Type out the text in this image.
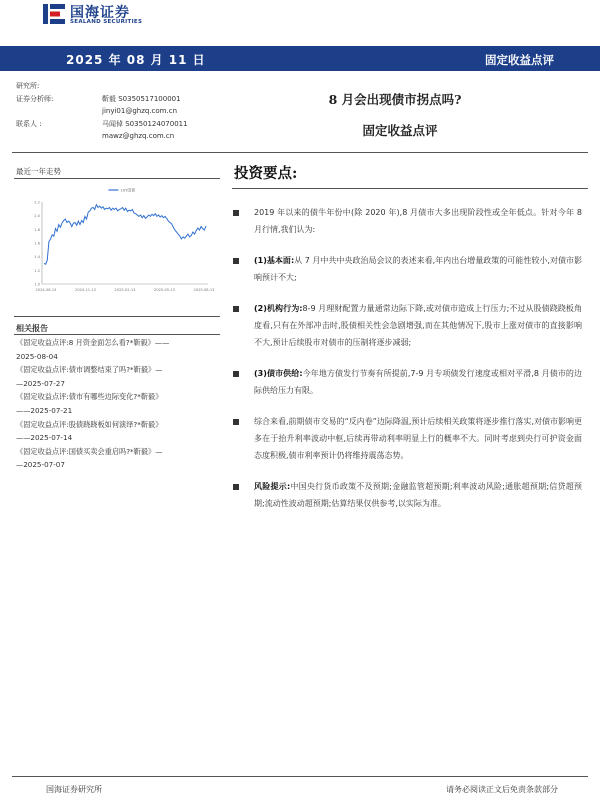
国海证券
SEALAND SECURITIES
2025 年 08 月 11 日	固定收益点评
研究所:
证券分析师:	靳毅 S0350517100001
jinyi01@ghzq.com.cn
联系人 :	马闻倬 S0350124070011
mawz@ghzq.com.cn
8 月会出现债市拐点吗?
固定收益点评
最近一年走势
1.0
1.2
1.4
1.6
1.8
2.0
2.2
2024-08-13	2024-11-13	2025-02-13	2025-05-13	2025-08-13
10Y国债
相关报告
《固定收益点评:8 月资金面怎么看?*靳毅》——
2025-08-04
《固定收益点评:债市调整结束了吗?*靳毅》—
—2025-07-27
《固定收益点评:债市有哪些边际变化?*靳毅》
——2025-07-21
《固定收益点评:股债跷跷板如何演绎?*靳毅》
——2025-07-14
《固定收益点评:国债买卖会重启吗?*靳毅》—
—2025-07-07
投资要点:
2019 年以来的债牛年份中(除 2020 年),8 月债市大多出现阶段性或全年低点。针对今年 8 月行情,我们认为:
(1)基本面:从 7 月中共中央政治局会议的表述来看,年内出台增量政策的可能性较小,对债市影响预计不大;
(2)机构行为:8-9 月理财配置力量通常边际下降,或对债市造成上行压力;不过从股债跷跷板角度看,只有在外部冲击时,股债相关性会急剧增强,而在其他情况下,股市上涨对债市的直接影响不大,预计后续股市对债市的压制将逐步减弱;
(3)债市供给:今年地方债发行节奏有所提前,7-9 月专项债发行速度或相对平滑,8 月债市的边际供给压力有限。
综合来看,前期债市交易的“反内卷”边际降温,预计后续相关政策将逐步推行落实,对债市影响更多在于抬升利率波动中枢,后续再带动利率明显上行的概率不大。同时考虑到央行可护资金面态度积极,债市利率预计仍将维持震荡态势。
风险提示:中国央行货币政策不及预期;金融监管超预期;利率波动风险;通胀超预期;信贷超预期;流动性波动超预期;估算结果仅供参考,以实际为准。
国海证券研究所	请务必阅读正文后免责条款部分
